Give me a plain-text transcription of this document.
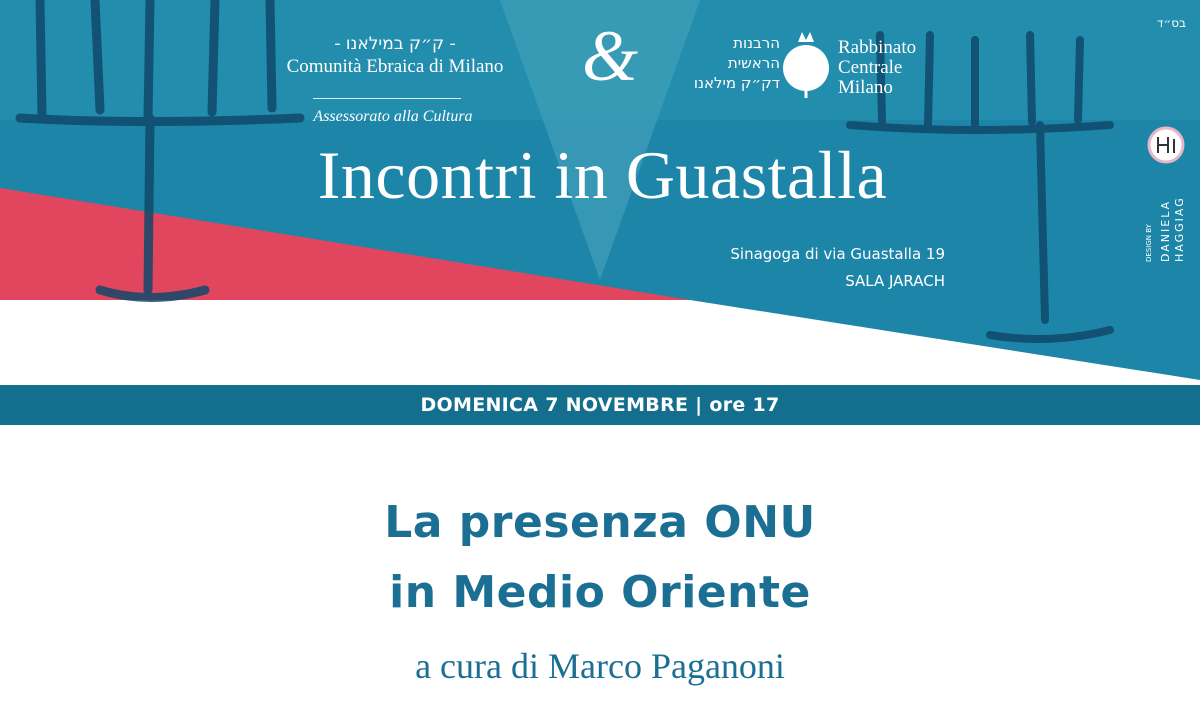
בס״ד
- ק״ק במילאנו -
Comunità Ebraica di Milano
Assessorato alla Cultura
&	הרבנות
הראשית
דק״ק מילאנו
Rabbinato
Centrale
Milano
Incontri in Guastalla
Sinagoga di via Guastalla 19
SALA JARACH
DESIGN BY DANIELA HAGGIAG
DOMENICA 7 NOVEMBRE | ore 17
La presenza ONU
in Medio Oriente
a cura di Marco Paganoni
